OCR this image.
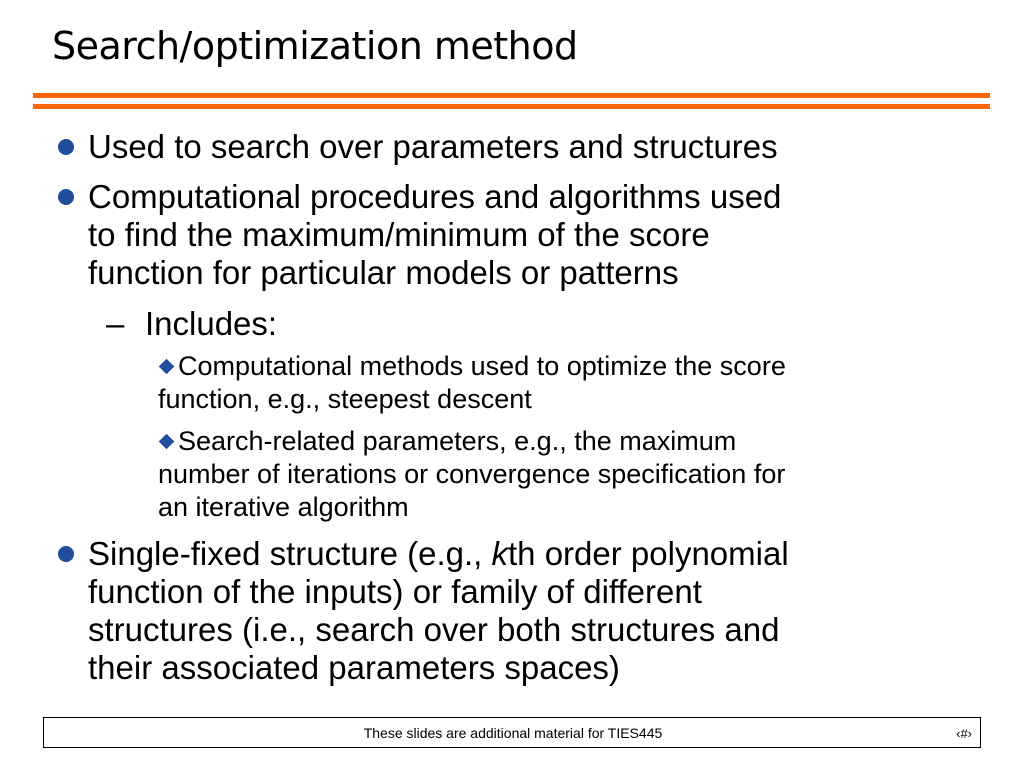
Search/optimization method
Used to search over parameters and structures
Computational procedures and algorithms used
to find the maximum/minimum of the score
function for particular models or patterns
– Includes:
Computational methods used to optimize the score
function, e.g., steepest descent
Search-related parameters, e.g., the maximum
number of iterations or convergence specification for
an iterative algorithm
Single-fixed structure (e.g., kth order polynomial
function of the inputs) or family of different
structures (i.e., search over both structures and
their associated parameters spaces)
These slides are additional material for TIES445	‹#›
